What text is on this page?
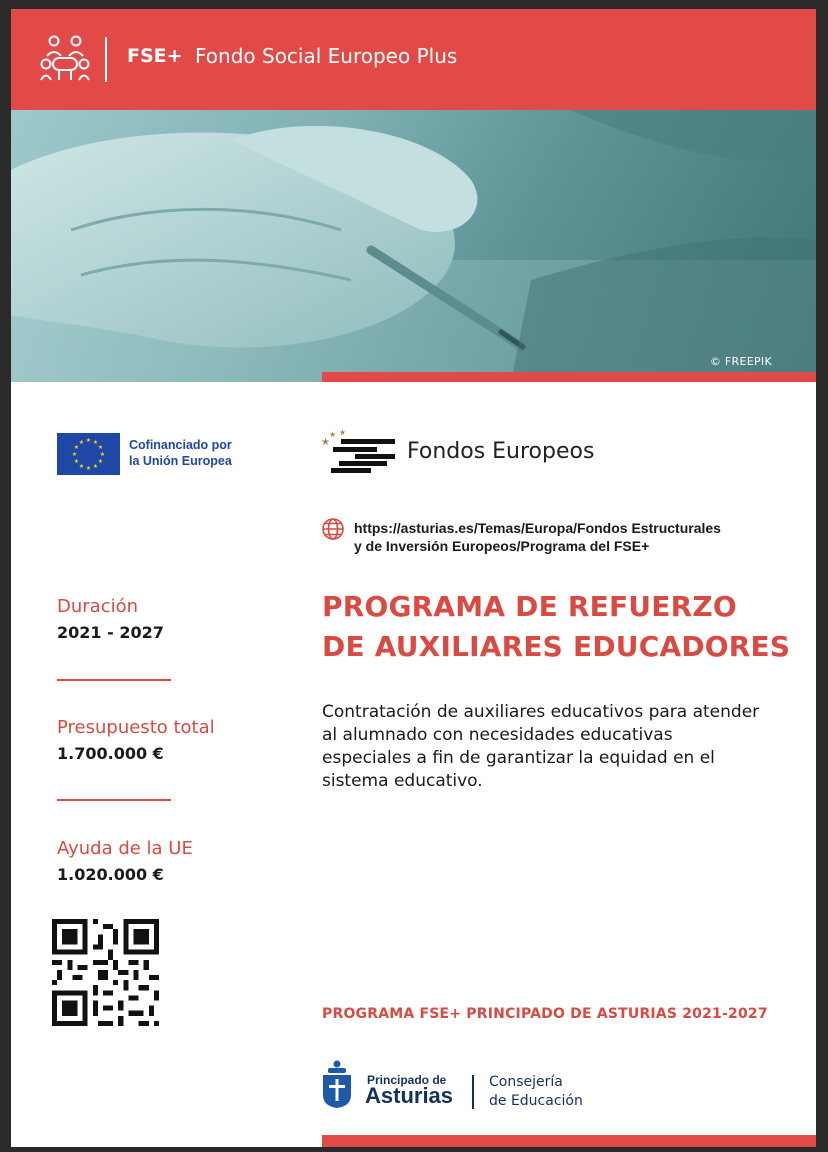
FSE+ Fondo Social Europeo Plus
© FREEPIK
★ ★
★
★
★
★
★
★
★
★
★
★	Cofinanciado por
la Unión Europea
★
★ ★
Fondos Europeos
https://asturias.es/Temas/Europa/Fondos Estructurales
y de Inversión Europeos/Programa del FSE+
PROGRAMA DE REFUERZO
DE AUXILIARES EDUCADORES
Contratación de auxiliares educativos para atender al alumnado con necesidades educativas especiales a fin de garantizar la equidad en el sistema educativo.
Duración
2021 - 2027
Presupuesto total
1.700.000 €
Ayuda de la UE
1.020.000 €
PROGRAMA FSE+ PRINCIPADO DE ASTURIAS 2021-2027
Principado de
Asturias
Consejería
de Educación
